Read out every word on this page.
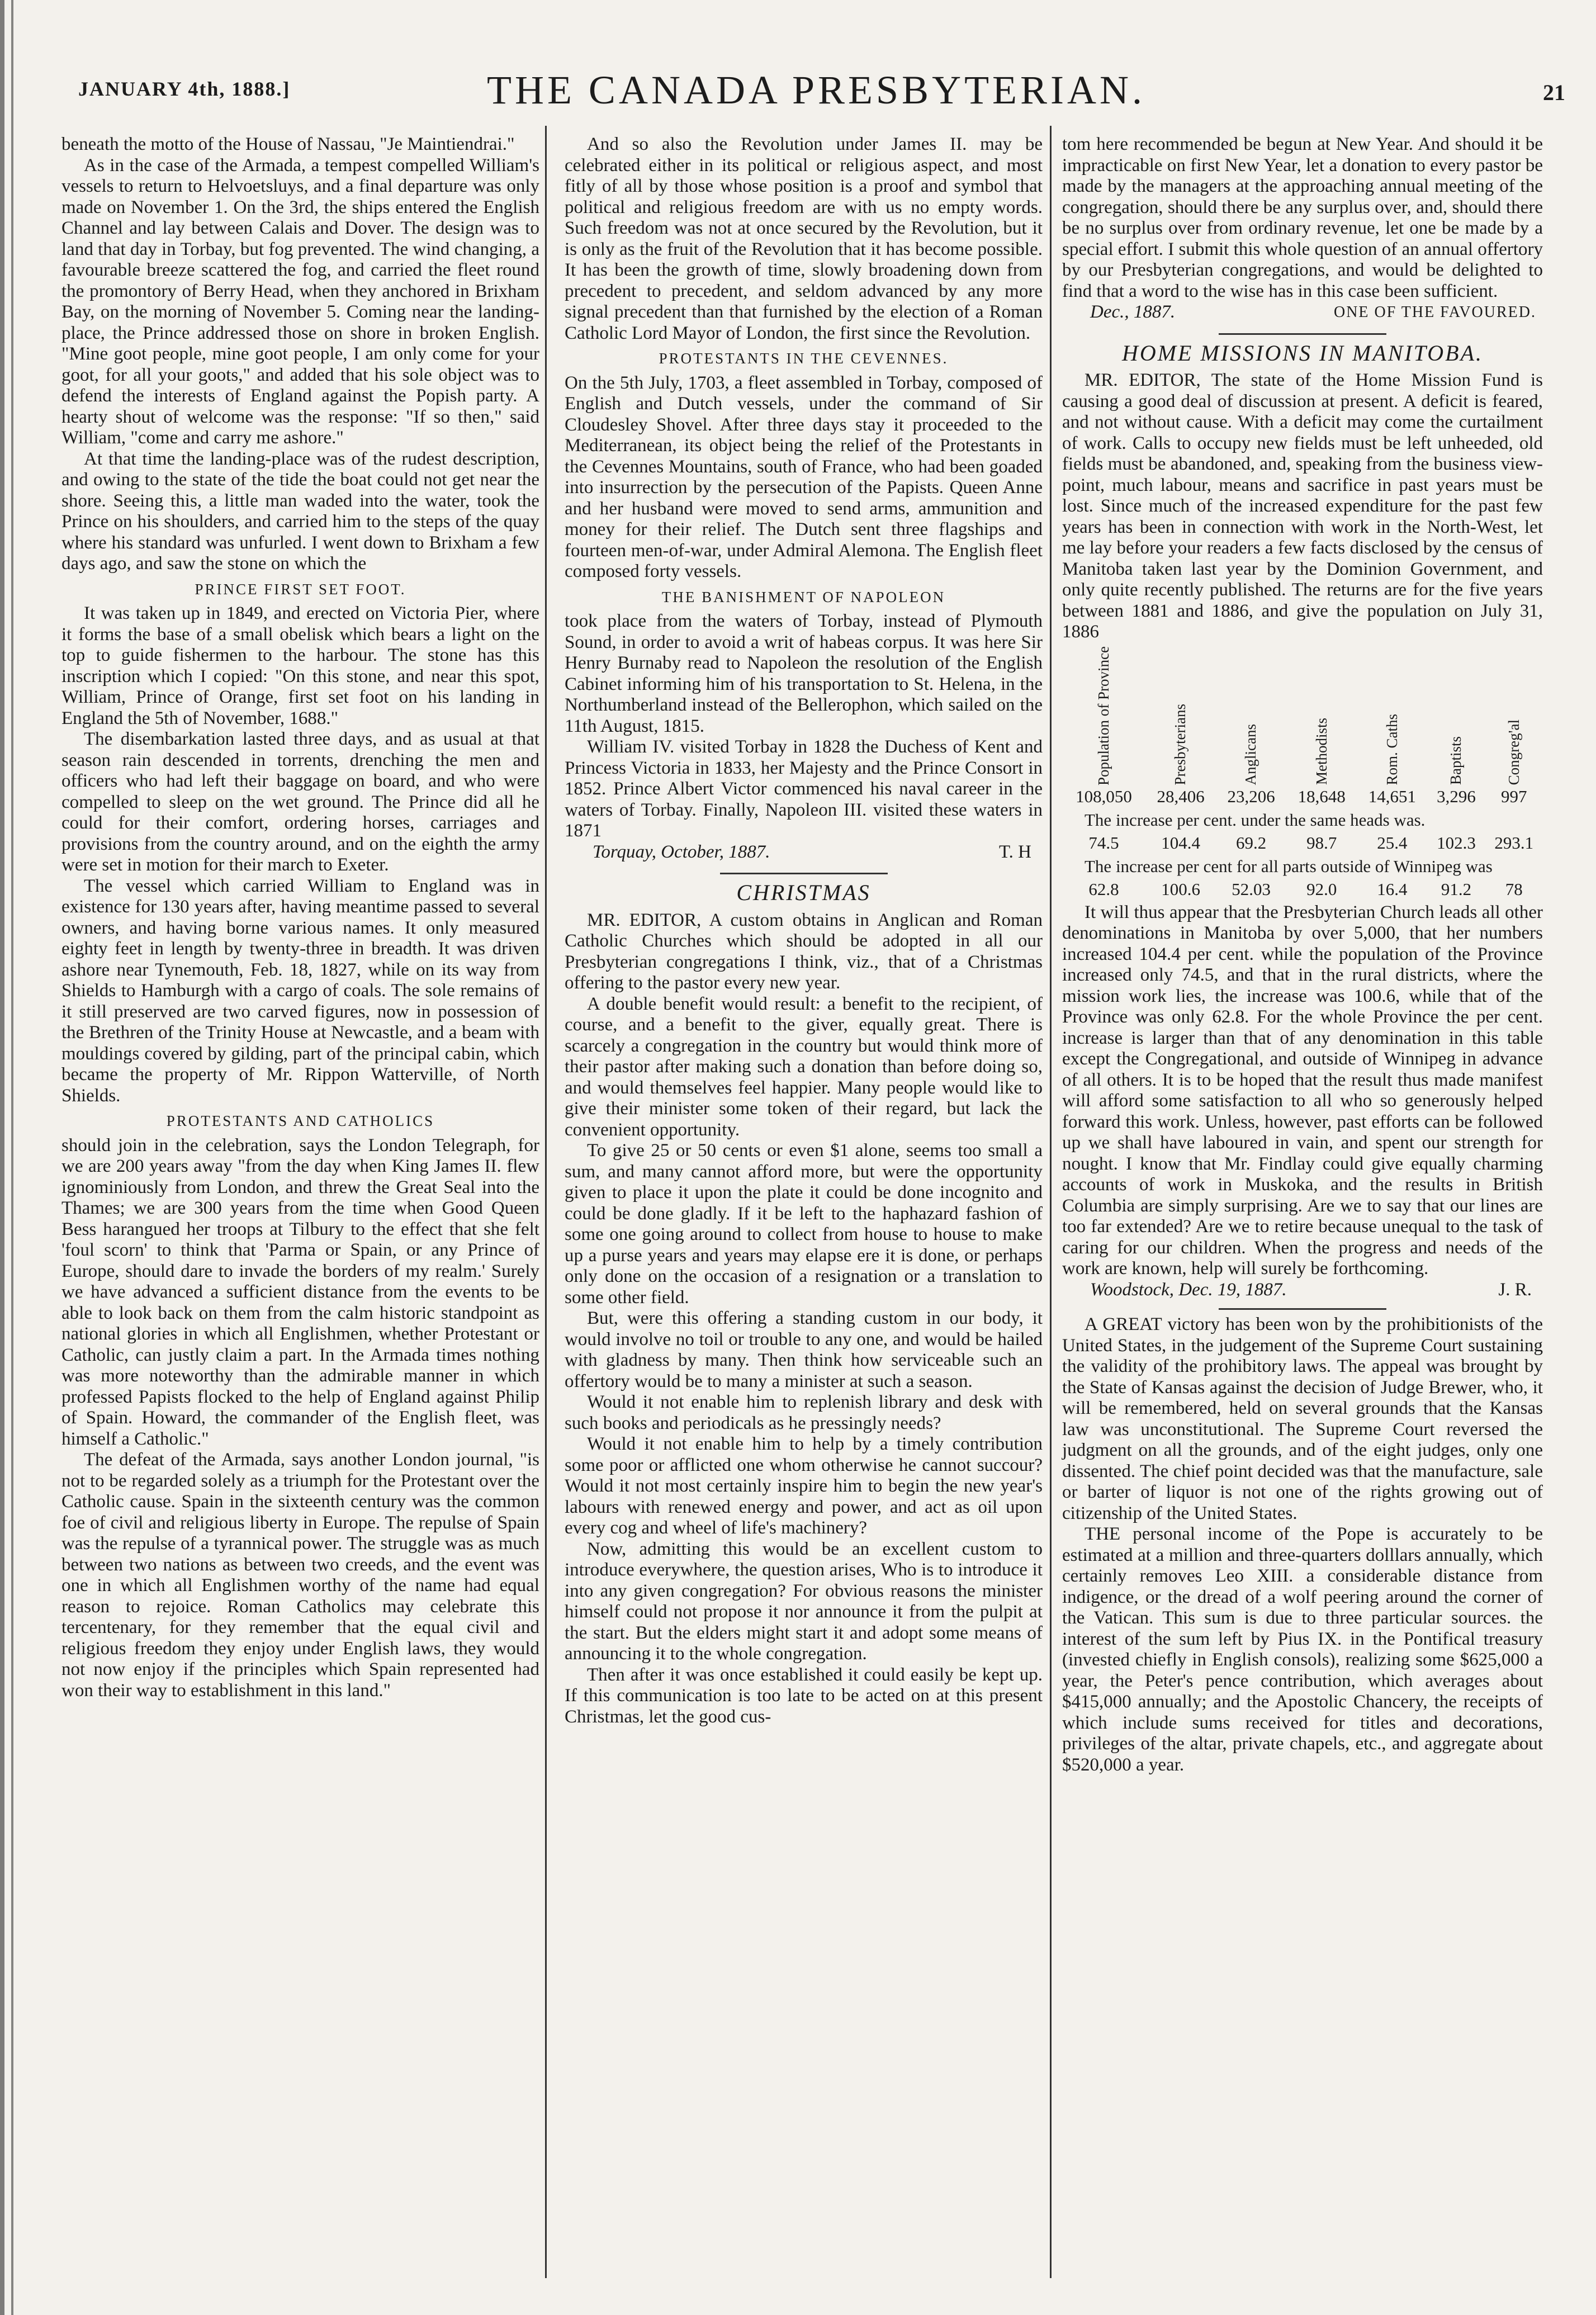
JANUARY 4th, 1888.]	THE CANADA PRESBYTERIAN.	21

beneath the motto of the House of Nassau, "Je Maintiendrai."

As in the case of the Armada, a tempest compelled William's vessels to return to Helvoetsluys, and a final departure was only made on November 1. On the 3rd, the ships entered the English Channel and lay between Calais and Dover. The design was to land that day in Torbay, but fog prevented. The wind changing, a favourable breeze scattered the fog, and carried the fleet round the promontory of Berry Head, when they anchored in Brixham Bay, on the morning of November 5. Coming near the landing-place, the Prince addressed those on shore in broken English. "Mine goot people, mine goot people, I am only come for your goot, for all your goots," and added that his sole object was to defend the interests of England against the Popish party. A hearty shout of welcome was the response: "If so then," said William, "come and carry me ashore."

At that time the landing-place was of the rudest description, and owing to the state of the tide the boat could not get near the shore. Seeing this, a little man waded into the water, took the Prince on his shoulders, and carried him to the steps of the quay where his standard was unfurled. I went down to Brixham a few days ago, and saw the stone on which the

PRINCE FIRST SET FOOT.

It was taken up in 1849, and erected on Victoria Pier, where it forms the base of a small obelisk which bears a light on the top to guide fishermen to the harbour. The stone has this inscription which I copied: "On this stone, and near this spot, William, Prince of Orange, first set foot on his landing in England the 5th of November, 1688."

The disembarkation lasted three days, and as usual at that season rain descended in torrents, drenching the men and officers who had left their baggage on board, and who were compelled to sleep on the wet ground. The Prince did all he could for their comfort, ordering horses, carriages and provisions from the country around, and on the eighth the army were set in motion for their march to Exeter.

The vessel which carried William to England was in existence for 130 years after, having meantime passed to several owners, and having borne various names. It only measured eighty feet in length by twenty-three in breadth. It was driven ashore near Tynemouth, Feb. 18, 1827, while on its way from Shields to Hamburgh with a cargo of coals. The sole remains of it still preserved are two carved figures, now in possession of the Brethren of the Trinity House at Newcastle, and a beam with mouldings covered by gilding, part of the principal cabin, which became the property of Mr. Rippon Watterville, of North Shields.

PROTESTANTS AND CATHOLICS

should join in the celebration, says the London Telegraph, for we are 200 years away "from the day when King James II. flew ignominiously from London, and threw the Great Seal into the Thames; we are 300 years from the time when Good Queen Bess harangued her troops at Tilbury to the effect that she felt 'foul scorn' to think that 'Parma or Spain, or any Prince of Europe, should dare to invade the borders of my realm.' Surely we have advanced a sufficient distance from the events to be able to look back on them from the calm historic standpoint as national glories in which all Englishmen, whether Protestant or Catholic, can justly claim a part. In the Armada times nothing was more noteworthy than the admirable manner in which professed Papists flocked to the help of England against Philip of Spain. Howard, the commander of the English fleet, was himself a Catholic."

The defeat of the Armada, says another London journal, "is not to be regarded solely as a triumph for the Protestant over the Catholic cause. Spain in the sixteenth century was the common foe of civil and religious liberty in Europe. The repulse of Spain was the repulse of a tyrannical power. The struggle was as much between two nations as between two creeds, and the event was one in which all Englishmen worthy of the name had equal reason to rejoice. Roman Catholics may celebrate this tercentenary, for they remember that the equal civil and religious freedom they enjoy under English laws, they would not now enjoy if the principles which Spain represented had won their way to establishment in this land."

And so also the Revolution under James II. may be celebrated either in its political or religious aspect, and most fitly of all by those whose position is a proof and symbol that political and religious freedom are with us no empty words. Such freedom was not at once secured by the Revolution, but it is only as the fruit of the Revolution that it has become possible. It has been the growth of time, slowly broadening down from precedent to precedent, and seldom advanced by any more signal precedent than that furnished by the election of a Roman Catholic Lord Mayor of London, the first since the Revolution.

PROTESTANTS IN THE CEVENNES.

On the 5th July, 1703, a fleet assembled in Torbay, composed of English and Dutch vessels, under the command of Sir Cloudesley Shovel. After three days stay it proceeded to the Mediterranean, its object being the relief of the Protestants in the Cevennes Mountains, south of France, who had been goaded into insurrection by the persecution of the Papists. Queen Anne and her husband were moved to send arms, ammunition and money for their relief. The Dutch sent three flagships and fourteen men-of-war, under Admiral Alemona. The English fleet composed forty vessels.

THE BANISHMENT OF NAPOLEON

took place from the waters of Torbay, instead of Plymouth Sound, in order to avoid a writ of habeas corpus. It was here Sir Henry Burnaby read to Napoleon the resolution of the English Cabinet informing him of his transportation to St. Helena, in the Northumberland instead of the Bellerophon, which sailed on the 11th August, 1815.

William IV. visited Torbay in 1828 the Duchess of Kent and Princess Victoria in 1833, her Majesty and the Prince Consort in 1852. Prince Albert Victor commenced his naval career in the waters of Torbay. Finally, Napoleon III. visited these waters in 1871

Torquay, October, 1887.	T. H
CHRISTMAS

MR. EDITOR, A custom obtains in Anglican and Roman Catholic Churches which should be adopted in all our Presbyterian congregations I think, viz., that of a Christmas offering to the pastor every new year.

A double benefit would result: a benefit to the recipient, of course, and a benefit to the giver, equally great. There is scarcely a congregation in the country but would think more of their pastor after making such a donation than before doing so, and would themselves feel happier. Many people would like to give their minister some token of their regard, but lack the convenient opportunity.

To give 25 or 50 cents or even $1 alone, seems too small a sum, and many cannot afford more, but were the opportunity given to place it upon the plate it could be done incognito and could be done gladly. If it be left to the haphazard fashion of some one going around to collect from house to house to make up a purse years and years may elapse ere it is done, or perhaps only done on the occasion of a resignation or a translation to some other field.

But, were this offering a standing custom in our body, it would involve no toil or trouble to any one, and would be hailed with gladness by many. Then think how serviceable such an offertory would be to many a minister at such a season.

Would it not enable him to replenish library and desk with such books and periodicals as he pressingly needs?

Would it not enable him to help by a timely contribution some poor or afflicted one whom otherwise he cannot succour? Would it not most certainly inspire him to begin the new year's labours with renewed energy and power, and act as oil upon every cog and wheel of life's machinery?

Now, admitting this would be an excellent custom to introduce everywhere, the question arises, Who is to introduce it into any given congregation? For obvious reasons the minister himself could not propose it nor announce it from the pulpit at the start. But the elders might start it and adopt some means of announcing it to the whole congregation.

Then after it was once established it could easily be kept up. If this communication is too late to be acted on at this present Christmas, let the good cus-

tom here recommended be begun at New Year. And should it be impracticable on first New Year, let a donation to every pastor be made by the managers at the approaching annual meeting of the congregation, should there be any surplus over, and, should there be no surplus over from ordinary revenue, let one be made by a special effort. I submit this whole question of an annual offertory by our Presbyterian congregations, and would be delighted to find that a word to the wise has in this case been sufficient.

Dec., 1887.	ONE OF THE FAVOURED.
HOME MISSIONS IN MANITOBA.

MR. EDITOR, The state of the Home Mission Fund is causing a good deal of discussion at present. A deficit is feared, and not without cause. With a deficit may come the curtailment of work. Calls to occupy new fields must be left unheeded, old fields must be abandoned, and, speaking from the business view-point, much labour, means and sacrifice in past years must be lost. Since much of the increased expenditure for the past few years has been in connection with work in the North-West, let me lay before your readers a few facts disclosed by the census of Manitoba taken last year by the Dominion Government, and only quite recently published. The returns are for the five years between 1881 and 1886, and give the population on July 31, 1886

Population of Province	Presbyterians	Anglicans	Methodists	Rom. Caths	Baptists	Congreg'al

108,050	28,406	23,206	18,648	14,651	3,296	997
The increase per cent. under the same heads was.						
74.5	104.4	69.2	98.7	25.4	102.3	293.1
The increase per cent for all parts outside of Winnipeg was						
62.8	100.6	52.03	92.0	16.4	91.2	78

It will thus appear that the Presbyterian Church leads all other denominations in Manitoba by over 5,000, that her numbers increased 104.4 per cent. while the population of the Province increased only 74.5, and that in the rural districts, where the mission work lies, the increase was 100.6, while that of the Province was only 62.8. For the whole Province the per cent. increase is larger than that of any denomination in this table except the Congregational, and outside of Winnipeg in advance of all others. It is to be hoped that the result thus made manifest will afford some satisfaction to all who so generously helped forward this work. Unless, however, past efforts can be followed up we shall have laboured in vain, and spent our strength for nought. I know that Mr. Findlay could give equally charming accounts of work in Muskoka, and the results in British Columbia are simply surprising. Are we to say that our lines are too far extended? Are we to retire because unequal to the task of caring for our children. When the progress and needs of the work are known, help will surely be forthcoming.

Woodstock, Dec. 19, 1887.	J. R.

A GREAT victory has been won by the prohibitionists of the United States, in the judgement of the Supreme Court sustaining the validity of the prohibitory laws. The appeal was brought by the State of Kansas against the decision of Judge Brewer, who, it will be remembered, held on several grounds that the Kansas law was unconstitutional. The Supreme Court reversed the judgment on all the grounds, and of the eight judges, only one dissented. The chief point decided was that the manufacture, sale or barter of liquor is not one of the rights growing out of citizenship of the United States.

THE personal income of the Pope is accurately to be estimated at a million and three-quarters dolllars annually, which certainly removes Leo XIII. a considerable distance from indigence, or the dread of a wolf peering around the corner of the Vatican. This sum is due to three particular sources. the interest of the sum left by Pius IX. in the Pontifical treasury (invested chiefly in English consols), realizing some $625,000 a year, the Peter's pence contribution, which averages about $415,000 annually; and the Apostolic Chancery, the receipts of which include sums received for titles and decorations, privileges of the altar, private chapels, etc., and aggregate about $520,000 a year.
